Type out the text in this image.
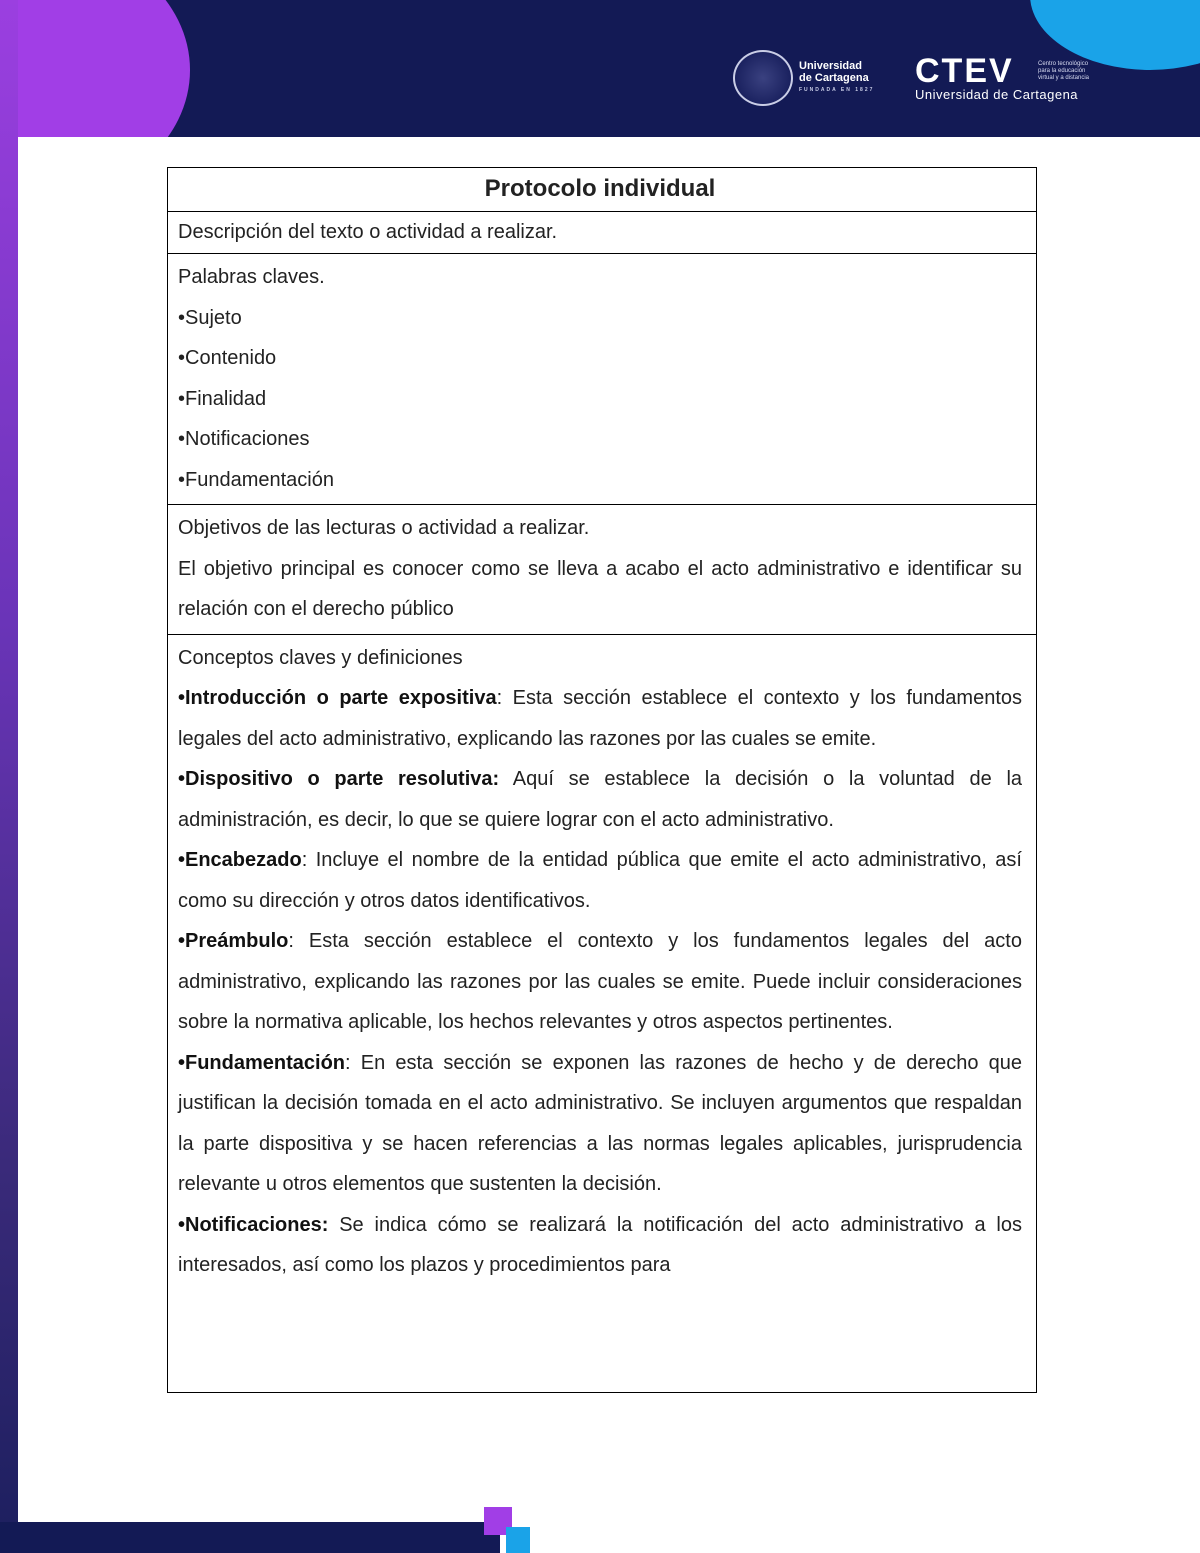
Universidad
de Cartagena
FUNDADA EN 1827 CTEV	Centro tecnológico para la educación virtual y a distancia
Universidad de Cartagena
Protocolo individual

Descripción del texto o actividad a realizar.

Palabras claves.

•Sujeto

•Contenido

•Finalidad

•Notificaciones

•Fundamentación

Objetivos de las lecturas o actividad a realizar.

El objetivo principal es conocer como se lleva a acabo el acto administrativo e identificar su relación con el derecho público

Conceptos claves y definiciones

•Introducción o parte expositiva: Esta sección establece el contexto y los fundamentos legales del acto administrativo, explicando las razones por las cuales se emite.

•Dispositivo o parte resolutiva: Aquí se establece la decisión o la voluntad de la administración, es decir, lo que se quiere lograr con el acto administrativo.

•Encabezado: Incluye el nombre de la entidad pública que emite el acto administrativo, así como su dirección y otros datos identificativos.

•Preámbulo: Esta sección establece el contexto y los fundamentos legales del acto administrativo, explicando las razones por las cuales se emite. Puede incluir consideraciones sobre la normativa aplicable, los hechos relevantes y otros aspectos pertinentes.

•Fundamentación: En esta sección se exponen las razones de hecho y de derecho que justifican la decisión tomada en el acto administrativo. Se incluyen argumentos que respaldan la parte dispositiva y se hacen referencias a las normas legales aplicables, jurisprudencia relevante u otros elementos que sustenten la decisión.

•Notificaciones: Se indica cómo se realizará la notificación del acto administrativo a los interesados, así como los plazos y procedimientos para
